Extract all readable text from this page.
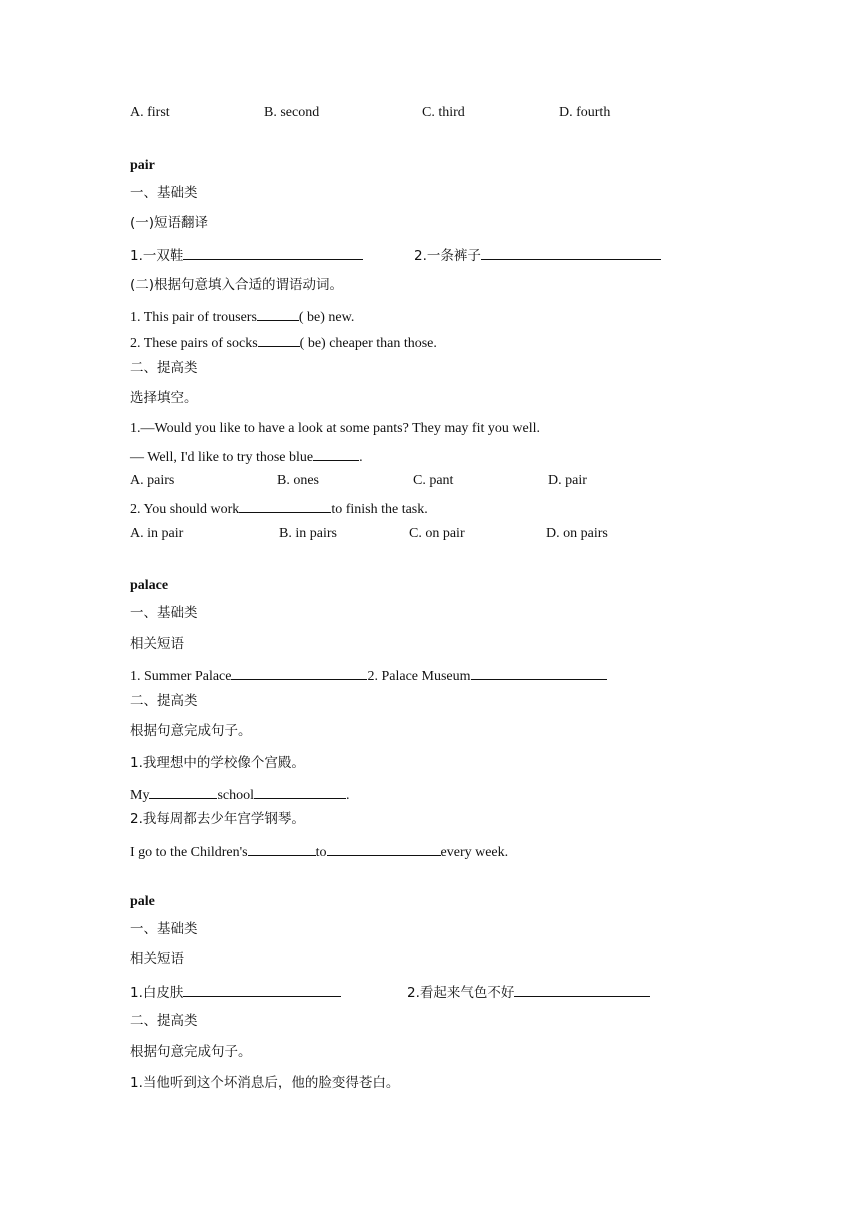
A. first	B. second	C. third	D. fourth
pair
一、基础类
(一)短语翻译
1.一双鞋	2.一条裤子
(二)根据句意填入合适的谓语动词。
1. This pair of trousers	( be) new.
2. These pairs of socks	( be) cheaper than those.
二、提高类
选择填空。
1.—Would you like to have a look at some pants? They may fit you well.
— Well, I'd like to try those blue	.
A. pairs	B. ones	C. pant	D. pair
2. You should work	to finish the task.
A. in pair	B. in pairs	C. on pair	D. on pairs
palace
一、基础类
相关短语
1. Summer Palace	2. Palace Museum
二、提高类
根据句意完成句子。
1.我理想中的学校像个宫殿。
My	school	.
2.我每周都去少年宫学钢琴。
I go to the Children's	to	every week.
pale
一、基础类
相关短语
1.白皮肤	2.看起来气色不好
二、提高类
根据句意完成句子。
1.当他听到这个坏消息后，他的脸变得苍白。
